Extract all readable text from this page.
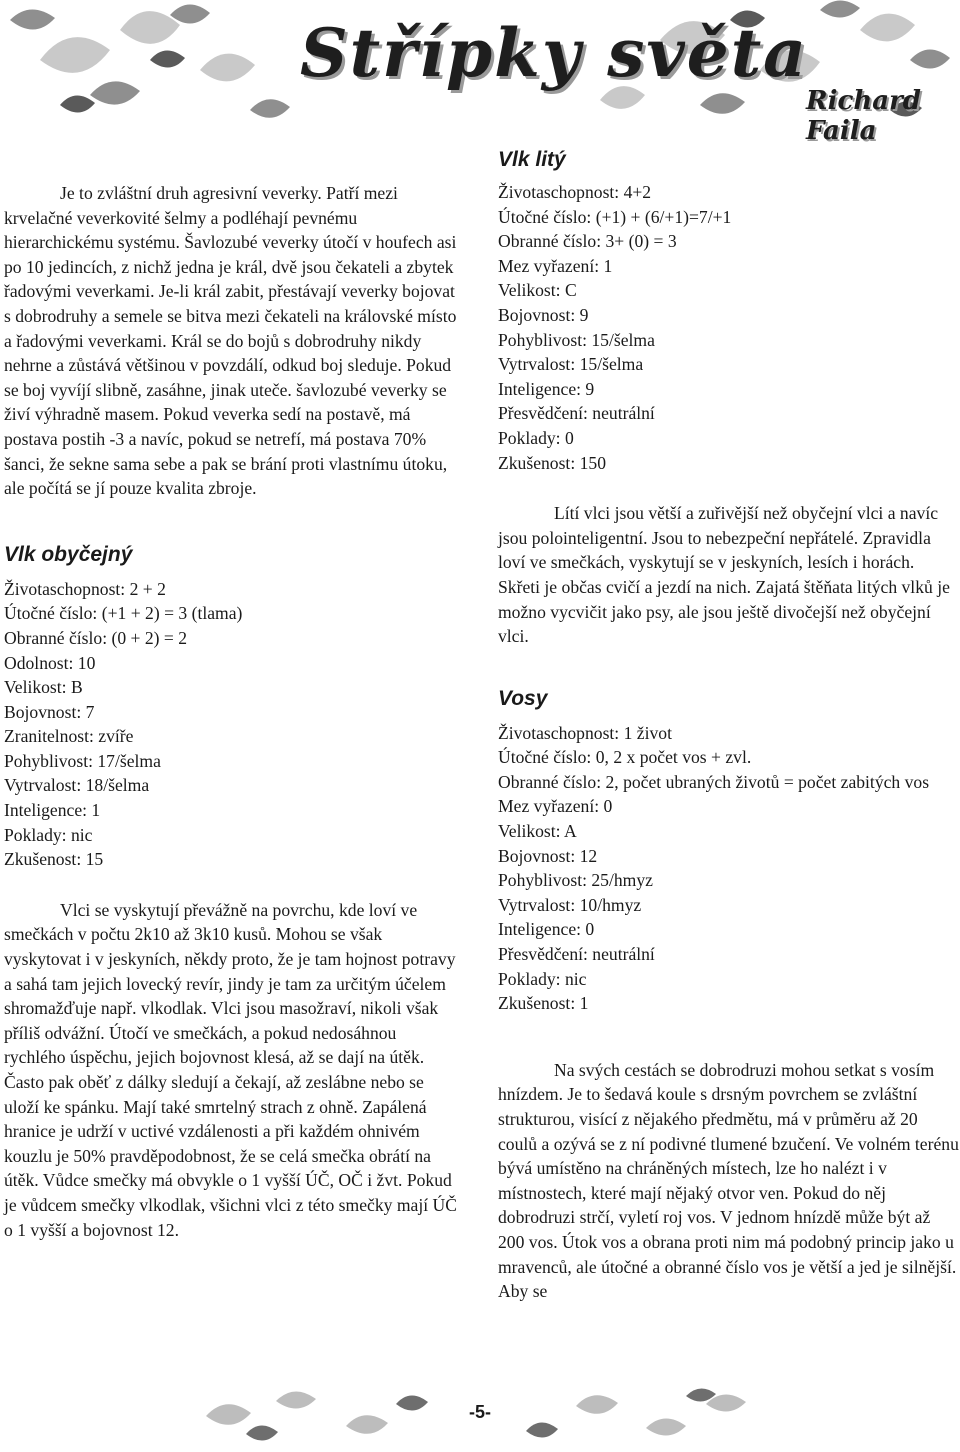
Střípky světa
Richard Faila

Je to zvláštní druh agresivní veverky. Patří mezi krvelačné veverkovité šelmy a podléhají pevnému hierarchickému systému. Šavlozubé veverky útočí v houfech asi po 10 jedincích, z nichž jedna je král, dvě jsou čekateli a zbytek řadovými veverkami. Je-li král zabit, přestávají veverky bojovat s dobrodruhy a semele se bitva mezi čekateli na královské místo a řadovými veverkami. Král se do bojů s dobrodruhy nikdy nehrne a zůstává většinou v povzdálí, odkud boj sleduje. Pokud se boj vyvíjí slibně, zasáhne, jinak uteče. šavlozubé veverky se živí výhradně masem. Pokud veverka sedí na postavě, má postava postih -3 a navíc, pokud se netrefí, má postava 70% šanci, že sekne sama sebe a pak se brání proti vlastnímu útoku, ale počítá se jí pouze kvalita zbroje.

Vlk obyčejný
Životaschopnost: 2 + 2
Útočné číslo: (+1 + 2) = 3 (tlama)
Obranné číslo: (0 + 2) = 2
Odolnost: 10
Velikost: B
Bojovnost: 7
Zranitelnost: zvíře
Pohyblivost: 17/šelma
Vytrvalost: 18/šelma
Inteligence: 1
Poklady: nic
Zkušenost: 15

Vlci se vyskytují převážně na povrchu, kde loví ve smečkách v počtu 2k10 až 3k10 kusů. Mohou se však vyskytovat i v jeskyních, někdy proto, že je tam hojnost potravy a sahá tam jejich lovecký revír, jindy je tam za určitým účelem shromažďuje např. vlkodlak. Vlci jsou masožraví, nikoli však příliš odvážní. Útočí ve smečkách, a pokud nedosáhnou rychlého úspěchu, jejich bojovnost klesá, až se dají na útěk. Často pak oběť z dálky sledují a čekají, až zeslábne nebo se uloží ke spánku. Mají také smrtelný strach z ohně. Zapálená hranice je udrží v uctivé vzdálenosti a při každém ohnivém kouzlu je 50% pravděpodobnost, že se celá smečka obrátí na útěk. Vůdce smečky má obvykle o 1 vyšší ÚČ, OČ i žvt. Pokud je vůdcem smečky vlkodlak, všichni vlci z této smečky mají ÚČ o 1 vyšší a bojovnost 12.

Vlk litý
Životaschopnost: 4+2
Útočné číslo: (+1) + (6/+1)=7/+1
Obranné číslo: 3+ (0) = 3
Mez vyřazení: 1
Velikost: C
Bojovnost: 9
Pohyblivost: 15/šelma
Vytrvalost: 15/šelma
Inteligence: 9
Přesvědčení: neutrální
Poklady: 0
Zkušenost: 150

Lítí vlci jsou větší a zuřivější než obyčejní vlci a navíc jsou polointeligentní. Jsou to nebezpeční nepřátelé. Zpravidla loví ve smečkách, vyskytují se v jeskyních, lesích i horách. Skřeti je občas cvičí a jezdí na nich. Zajatá štěňata litých vlků je možno vycvičit jako psy, ale jsou ještě divočejší než obyčejní vlci.

Vosy
Životaschopnost: 1 život
Útočné číslo: 0, 2 x počet vos + zvl.
Obranné číslo: 2, počet ubraných životů = počet zabitých vos
Mez vyřazení: 0
Velikost: A
Bojovnost: 12
Pohyblivost: 25/hmyz
Vytrvalost: 10/hmyz
Inteligence: 0
Přesvědčení: neutrální
Poklady: nic
Zkušenost: 1

Na svých cestách se dobrodruzi mohou setkat s vosím hnízdem. Je to šedavá koule s drsným povrchem se zvláštní strukturou, visící z nějakého předmětu, má v průměru až 20 coulů a ozývá se z ní podivné tlumené bzučení. Ve volném terénu bývá umístěno na chráněných místech, lze ho nalézt i v místnostech, které mají nějaký otvor ven. Pokud do něj dobrodruzi strčí, vyletí roj vos. V jednom hnízdě může být až 200 vos. Útok vos a obrana proti nim má podobný princip jako u mravenců, ale útočné a obranné číslo vos je větší a jed je silnější. Aby se

-5-
